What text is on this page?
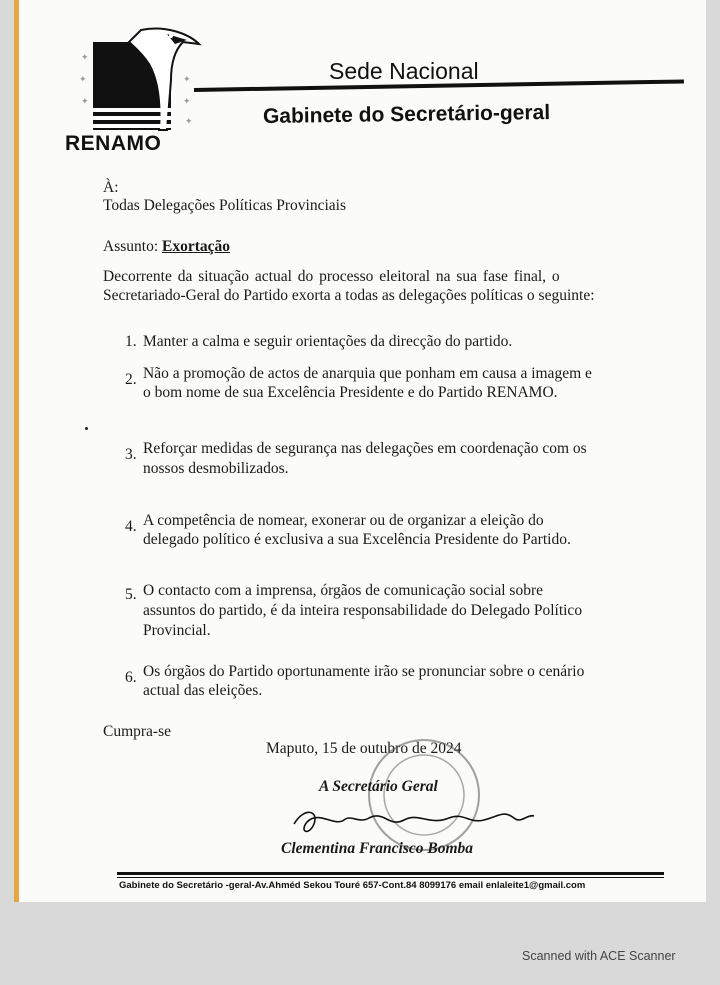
✦
✦
✦
✦
✦
✦
RENAMO
Sede Nacional
Gabinete do Secretário-geral
À:
Todas Delegações Políticas Provinciais
Assunto: Exortação
Decorrente da situação actual do processo eleitoral na sua fase final, o
Secretariado-Geral do Partido exorta a todas as delegações políticas o seguinte:
1. Manter a calma e seguir orientações da direcção do partido.
2. Não a promoção de actos de anarquia que ponham em causa a imagem e
o bom nome de sua Excelência Presidente e do Partido RENAMO.
3. Reforçar medidas de segurança nas delegações em coordenação com os
nossos desmobilizados.
4. A competência de nomear, exonerar ou de organizar a eleição do
delegado político é exclusiva a sua Excelência Presidente do Partido.
5. O contacto com a imprensa, órgãos de comunicação social sobre
assuntos do partido, é da inteira responsabilidade do Delegado Político
Provincial.
6. Os órgãos do Partido oportunamente irão se pronunciar sobre o cenário
actual das eleições.
Cumpra-se
Maputo, 15 de outubro de 2024
A Secretário Geral
Clementina Francisco Bomba
Gabinete do Secretário -geral-Av.Ahméd Sekou Touré 657-Cont.84 8099176 email enlaleite1@gmail.com
Scanned with ACE Scanner
